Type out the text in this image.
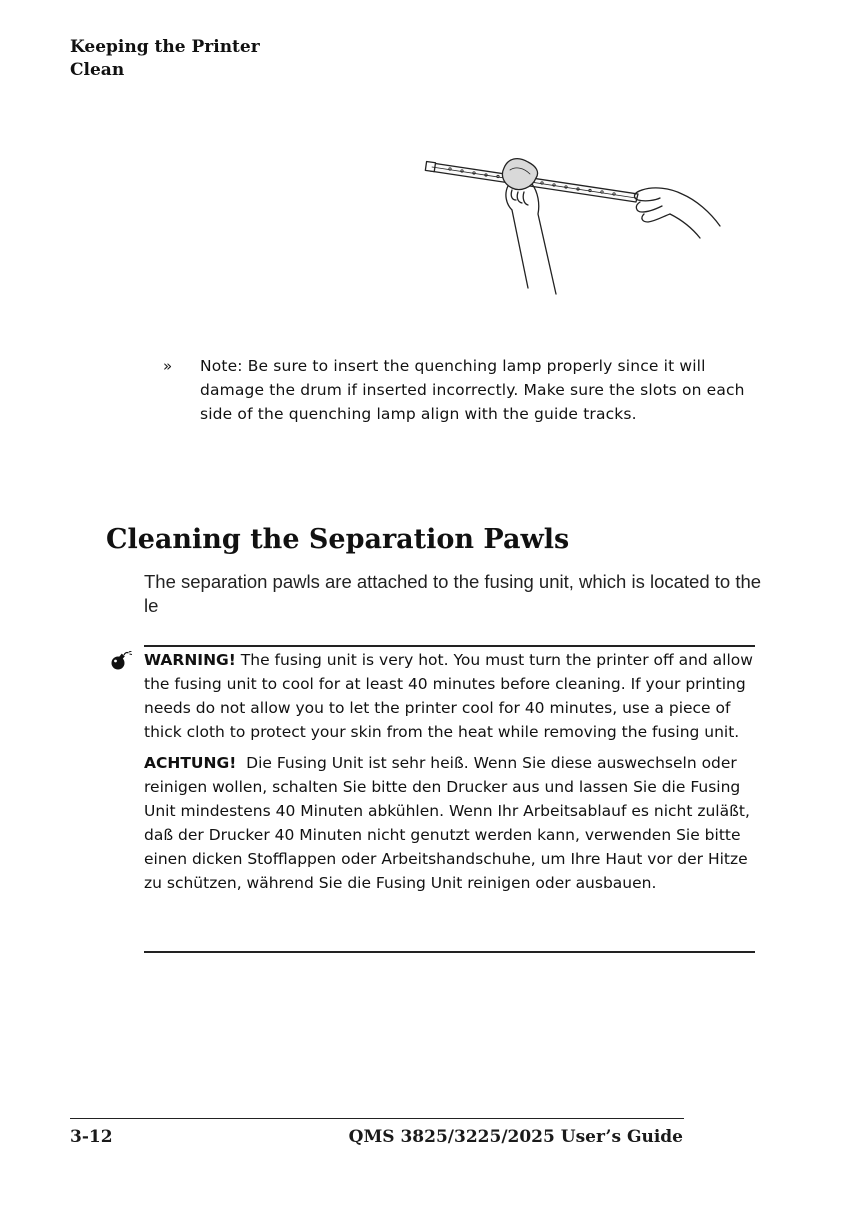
Keeping the Printer
Clean
» Note: Be sure to insert the quenching lamp properly since it will damage the drum if inserted incorrectly. Make sure the slots on each side of the quenching lamp align with the guide tracks.
Cleaning the Separation Pawls
The separation pawls are attached to the fusing unit, which is located to the le

WARNING! The fusing unit is very hot. You must turn the printer off and allow the fusing unit to cool for at least 40 minutes before cleaning. If your printing needs do not allow you to let the printer cool for 40 minutes, use a piece of thick cloth to protect your skin from the heat while removing the fusing unit.

ACHTUNG! Die Fusing Unit ist sehr heiß. Wenn Sie diese auswechseln oder reinigen wollen, schalten Sie bitte den Drucker aus und lassen Sie die Fusing Unit mindestens 40 Minuten abkühlen. Wenn Ihr Arbeitsablauf es nicht zuläßt, daß der Drucker 40 Minuten nicht genutzt werden kann, verwenden Sie bitte einen dicken Stofflappen oder Arbeitshandschuhe, um Ihre Haut vor der Hitze zu schützen, während Sie die Fusing Unit reinigen oder ausbauen.

3-12	QMS 3825/3225/2025 User’s Guide
